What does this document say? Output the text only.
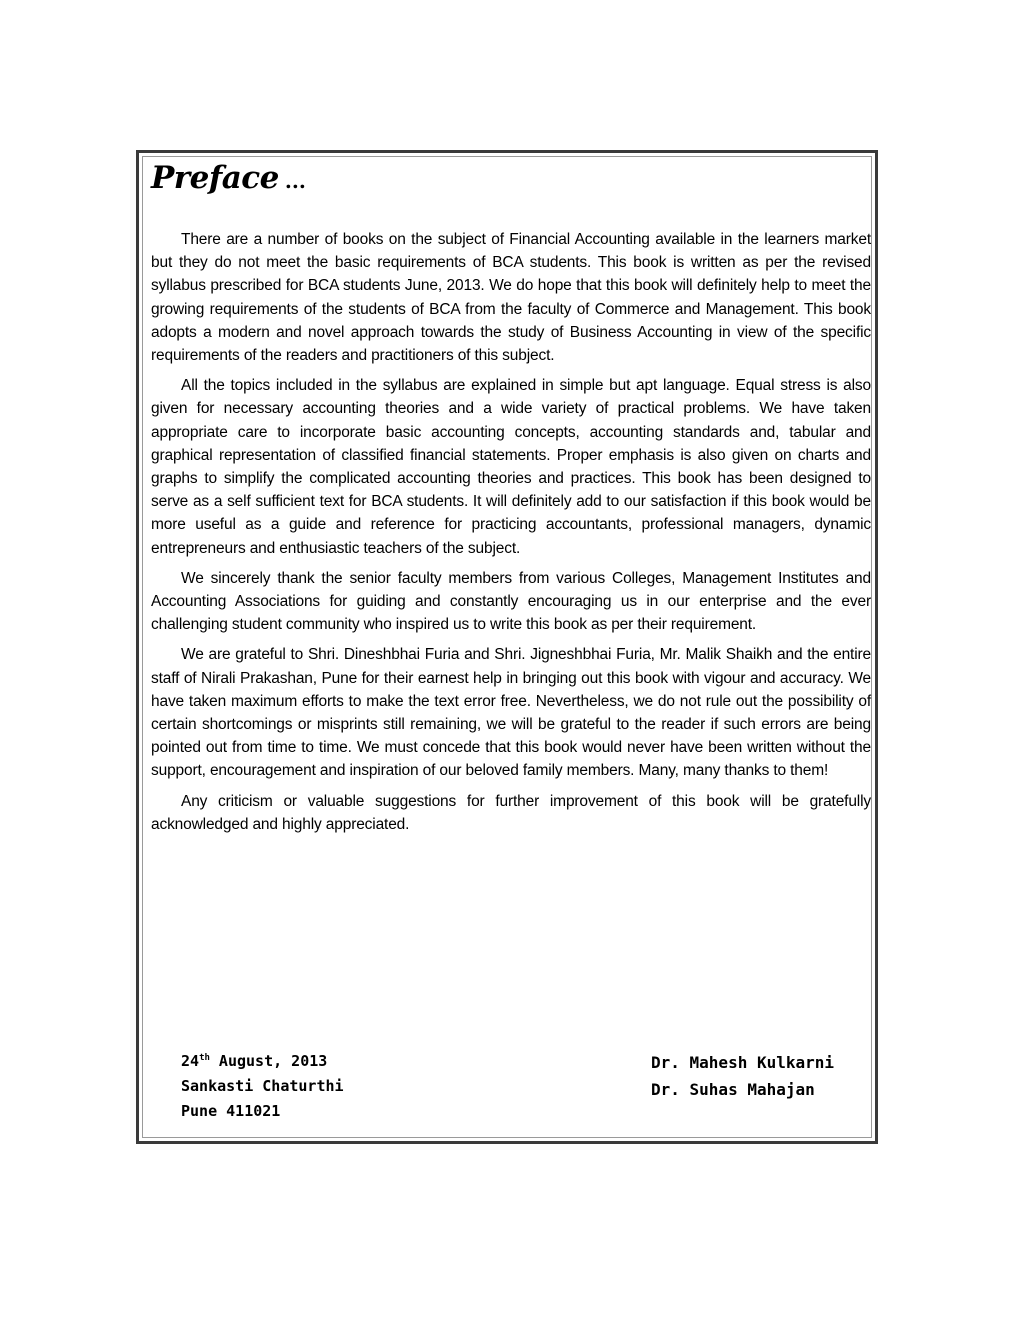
Preface ...

There are a number of books on the subject of Financial Accounting available in the learners market but they do not meet the basic requirements of BCA students. This book is written as per the revised syllabus prescribed for BCA students June, 2013. We do hope that this book will definitely help to meet the growing requirements of the students of BCA from the faculty of Commerce and Management. This book adopts a modern and novel approach towards the study of Business Accounting in view of the specific requirements of the readers and practitioners of this subject.

All the topics included in the syllabus are explained in simple but apt language. Equal stress is also given for necessary accounting theories and a wide variety of practical problems. We have taken appropriate care to incorporate basic accounting concepts, accounting standards and, tabular and graphical representation of classified financial statements. Proper emphasis is also given on charts and graphs to simplify the complicated accounting theories and practices. This book has been designed to serve as a self sufficient text for BCA students. It will definitely add to our satisfaction if this book would be more useful as a guide and reference for practicing accountants, professional managers, dynamic entrepreneurs and enthusiastic teachers of the subject.

We sincerely thank the senior faculty members from various Colleges, Management Institutes and Accounting Associations for guiding and constantly encouraging us in our enterprise and the ever challenging student community who inspired us to write this book as per their requirement.

We are grateful to Shri. Dineshbhai Furia and Shri. Jigneshbhai Furia, Mr. Malik Shaikh and the entire staff of Nirali Prakashan, Pune for their earnest help in bringing out this book with vigour and accuracy. We have taken maximum efforts to make the text error free. Nevertheless, we do not rule out the possibility of certain shortcomings or misprints still remaining, we will be grateful to the reader if such errors are being pointed out from time to time. We must concede that this book would never have been written without the support, encouragement and inspiration of our beloved family members. Many, many thanks to them!

Any criticism or valuable suggestions for further improvement of this book will be gratefully acknowledged and highly appreciated.

24th August, 2013
Sankasti Chaturthi
Pune 411021
Dr. Mahesh Kulkarni
Dr. Suhas Mahajan
